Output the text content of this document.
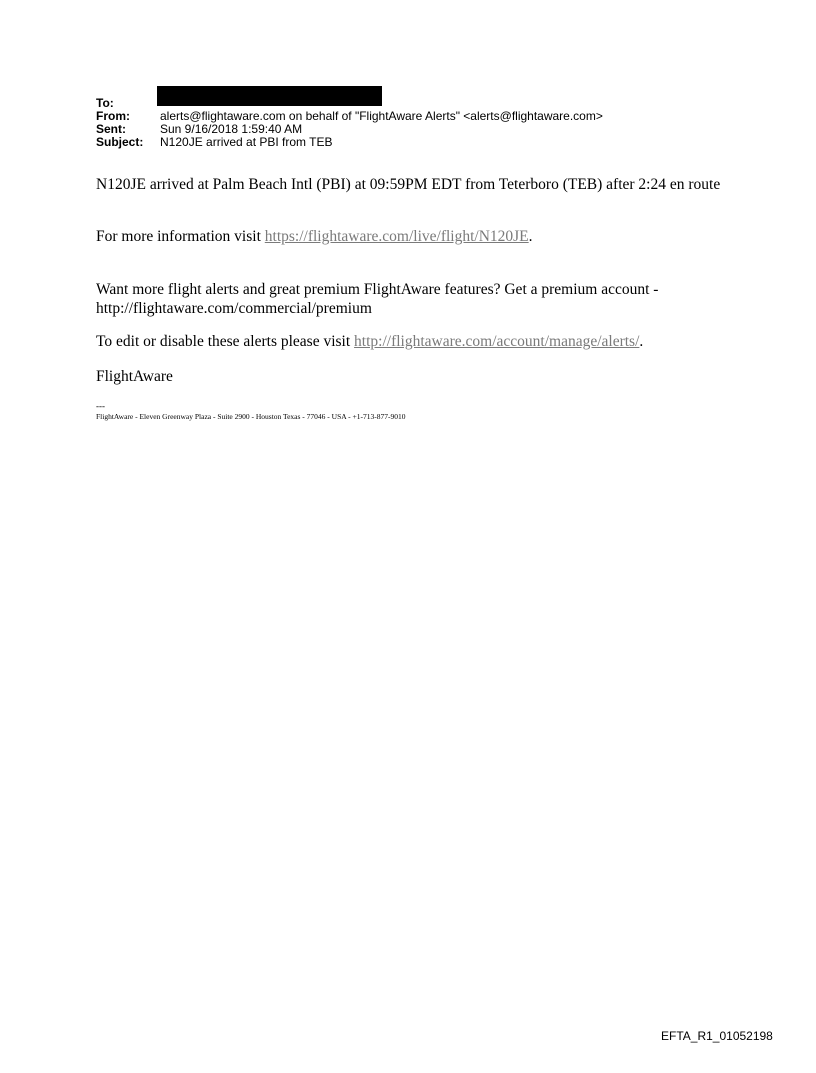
To:
From:	alerts@flightaware.com on behalf of "FlightAware Alerts" <alerts@flightaware.com>
Sent:	Sun 9/16/2018 1:59:40 AM
Subject:	N120JE arrived at PBI from TEB
N120JE arrived at Palm Beach Intl (PBI) at 09:59PM EDT from Teterboro (TEB) after 2:24 en route
For more information visit https://flightaware.com/live/flight/N120JE.
Want more flight alerts and great premium FlightAware features? Get a premium account - http://flightaware.com/commercial/premium
To edit or disable these alerts please visit http://flightaware.com/account/manage/alerts/.
FlightAware
---
FlightAware - Eleven Greenway Plaza - Suite 2900 - Houston Texas - 77046 - USA - +1-713-877-9010
EFTA_R1_01052198
